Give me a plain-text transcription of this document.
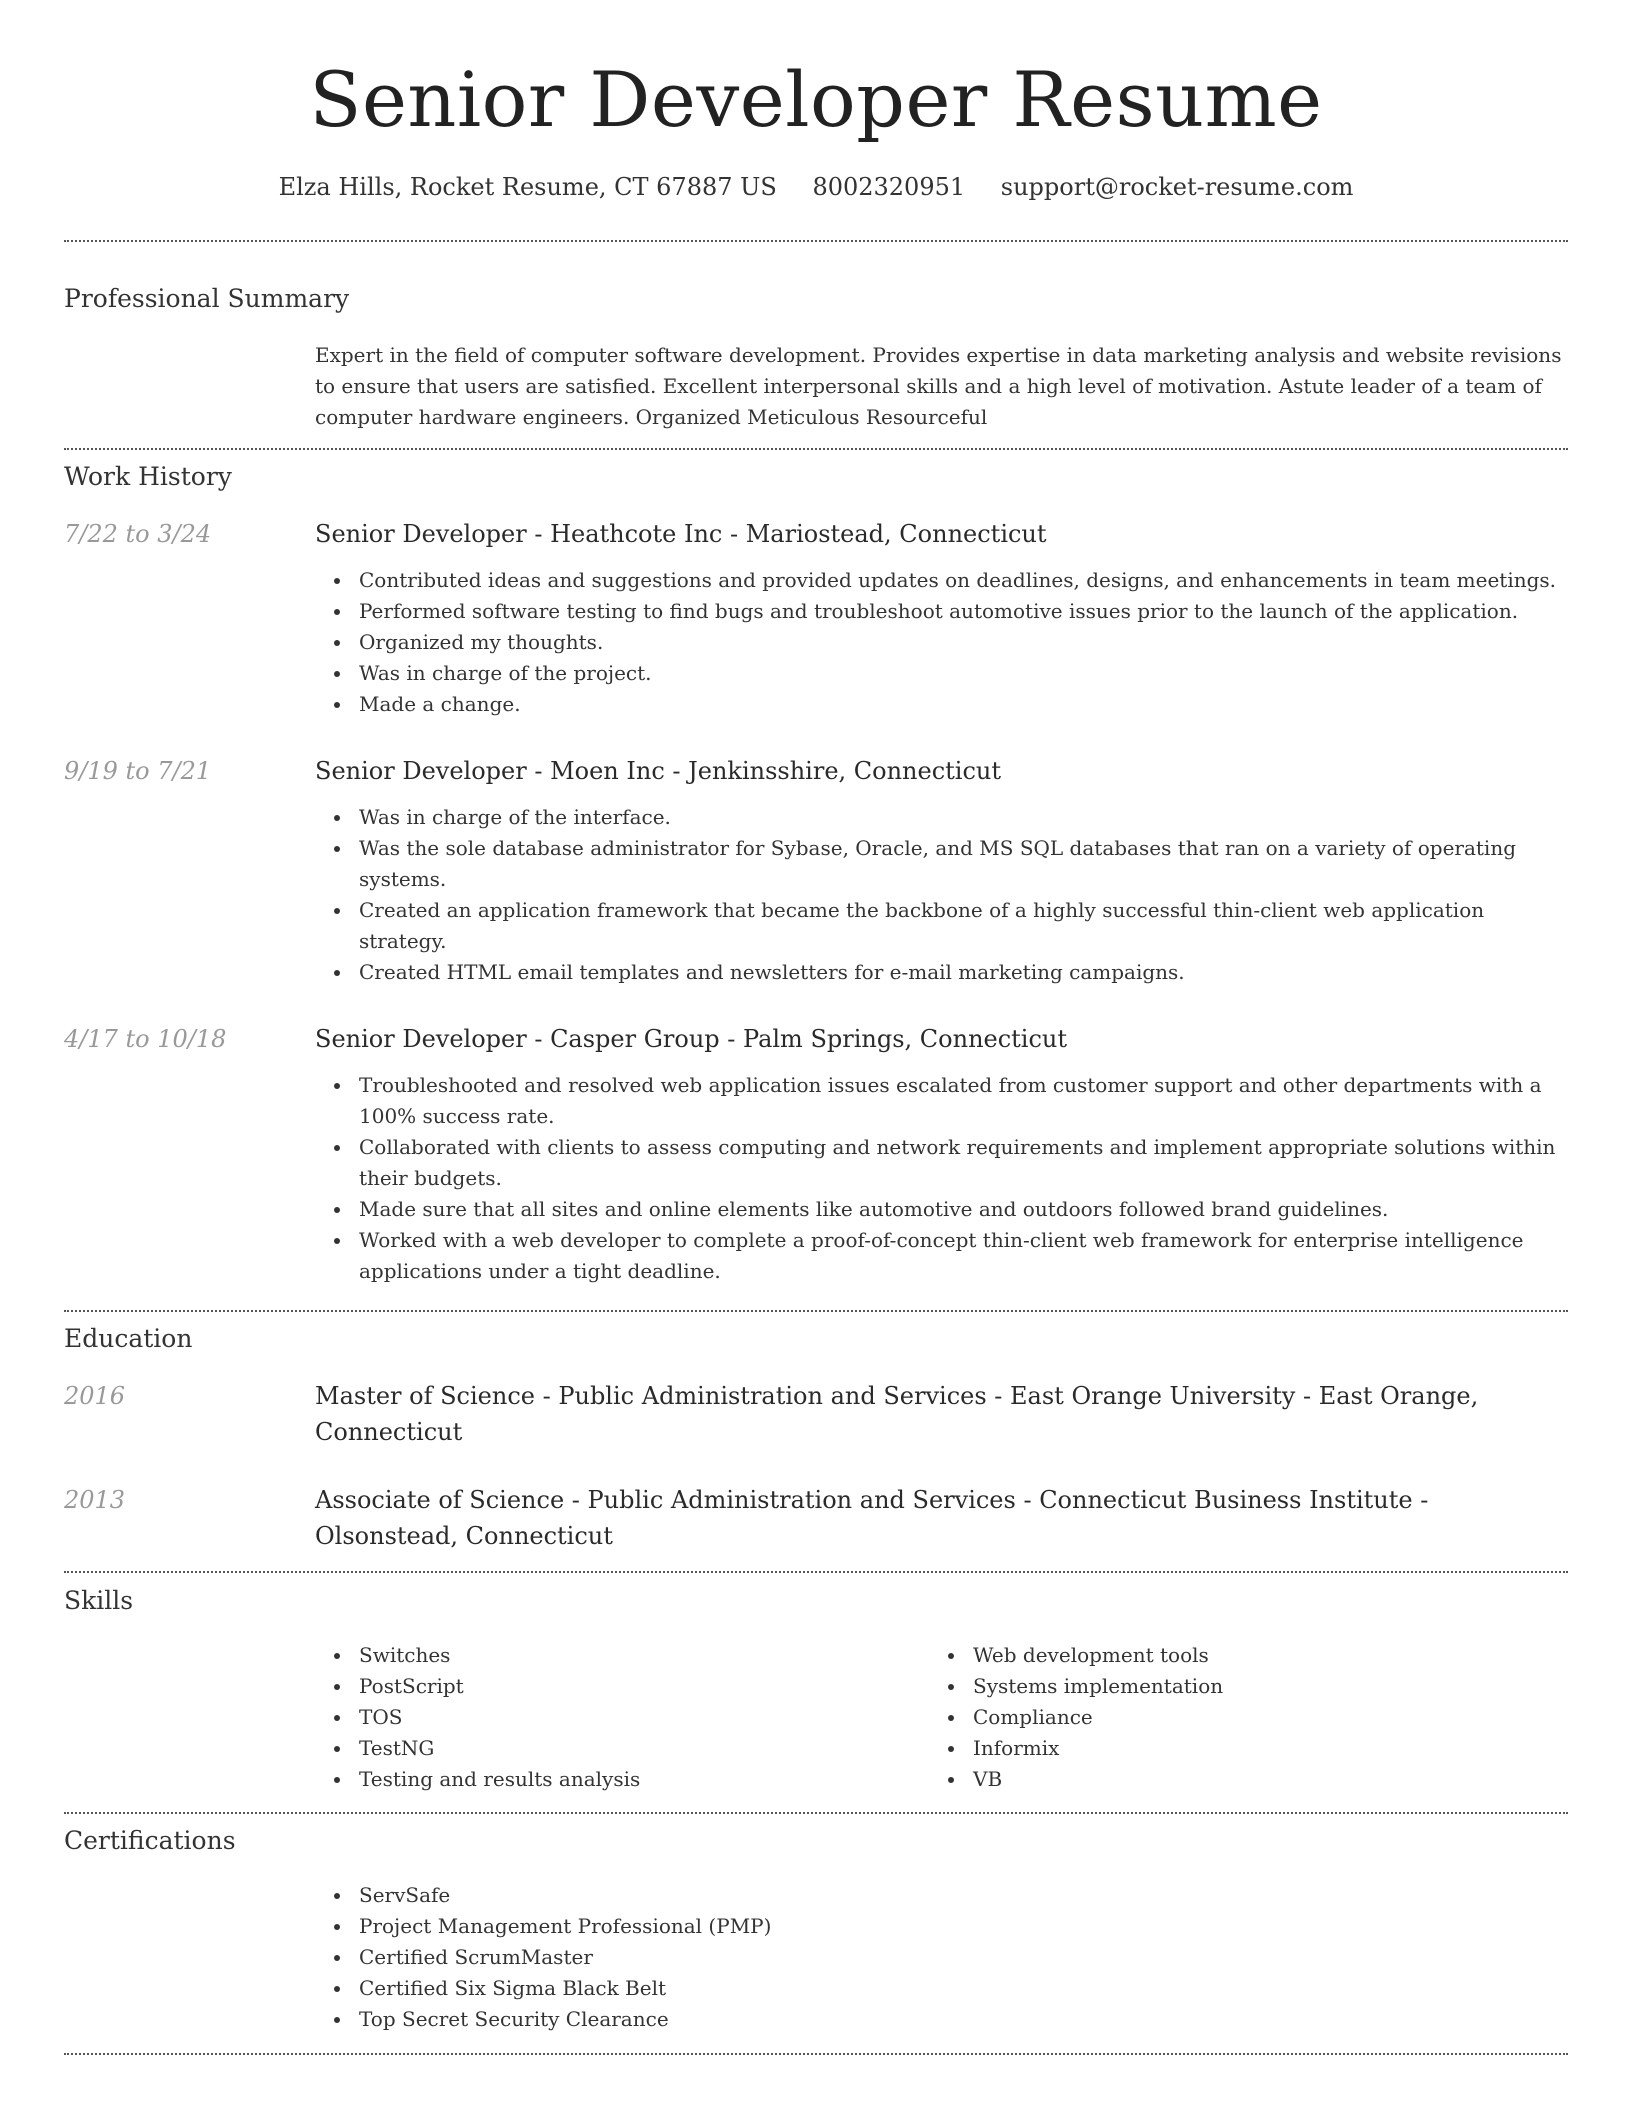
Senior Developer Resume
Elza Hills, Rocket Resume, CT 67887 US 8002320951 support@rocket-resume.com
Professional Summary

Expert in the field of computer software development. Provides expertise in data marketing analysis and website revisions to ensure that users are satisfied. Excellent interpersonal skills and a high level of motivation. Astute leader of a team of computer hardware engineers. Organized Meticulous Resourceful

Work History
7/22 to 3/24	Senior Developer - Heathcote Inc - Mariostead, Connecticut

Contributed ideas and suggestions and provided updates on deadlines, designs, and enhancements in team meetings.
Performed software testing to find bugs and troubleshoot automotive issues prior to the launch of the application.
Organized my thoughts.
Was in charge of the project.
Made a change.
9/19 to 7/21	Senior Developer - Moen Inc - Jenkinsshire, Connecticut

Was in charge of the interface.
Was the sole database administrator for Sybase, Oracle, and MS SQL databases that ran on a variety of operating systems.
Created an application framework that became the backbone of a highly successful thin-client web application strategy.
Created HTML email templates and newsletters for e-mail marketing campaigns.
4/17 to 10/18	Senior Developer - Casper Group - Palm Springs, Connecticut

Troubleshooted and resolved web application issues escalated from customer support and other departments with a 100% success rate.
Collaborated with clients to assess computing and network requirements and implement appropriate solutions within their budgets.
Made sure that all sites and online elements like automotive and outdoors followed brand guidelines.
Worked with a web developer to complete a proof-of-concept thin-client web framework for enterprise intelligence applications under a tight deadline.
Education
2016	Master of Science - Public Administration and Services - East Orange University - East Orange, Connecticut

2013	Associate of Science - Public Administration and Services - Connecticut Business Institute - Olsonstead, Connecticut

Skills
Switches
PostScript
TOS
TestNG
Testing and results analysis
Web development tools
Systems implementation
Compliance
Informix
VB
Certifications
ServSafe
Project Management Professional (PMP)
Certified ScrumMaster
Certified Six Sigma Black Belt
Top Secret Security Clearance
